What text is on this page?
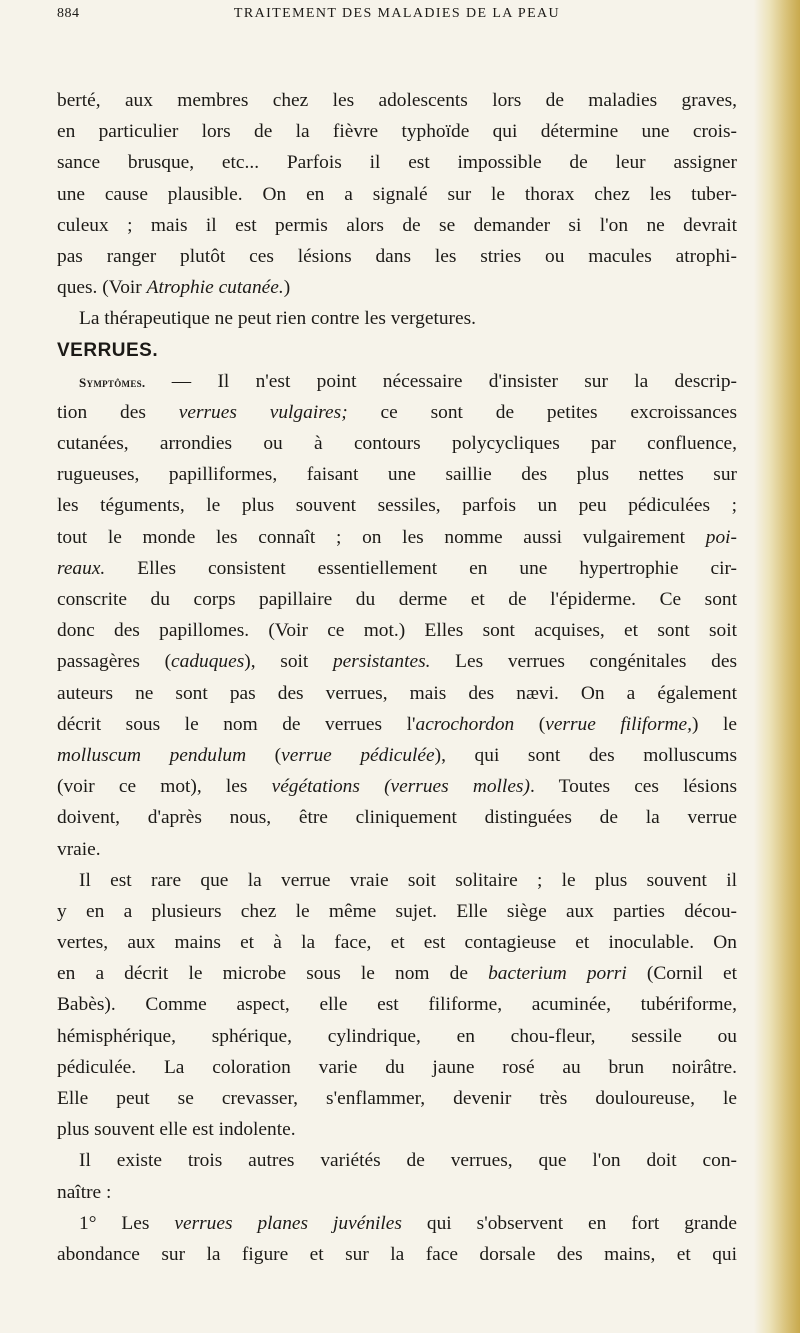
884	TRAITEMENT DES MALADIES DE LA PEAU
berté, aux membres chez les adolescents lors de maladies graves,
en particulier lors de la fièvre typhoïde qui détermine une crois-
sance brusque, etc... Parfois il est impossible de leur assigner
une cause plausible. On en a signalé sur le thorax chez les tuber-
culeux ; mais il est permis alors de se demander si l'on ne devrait
pas ranger plutôt ces lésions dans les stries ou macules atrophi-
ques. (Voir Atrophie cutanée.)
La thérapeutique ne peut rien contre les vergetures.
VERRUES.
Symptômes. — Il n'est point nécessaire d'insister sur la descrip-
tion des verrues vulgaires; ce sont de petites excroissances
cutanées, arrondies ou à contours polycycliques par confluence,
rugueuses, papilliformes, faisant une saillie des plus nettes sur
les téguments, le plus souvent sessiles, parfois un peu pédiculées ;
tout le monde les connaît ; on les nomme aussi vulgairement poi-
reaux. Elles consistent essentiellement en une hypertrophie cir-
conscrite du corps papillaire du derme et de l'épiderme. Ce sont
donc des papillomes. (Voir ce mot.) Elles sont acquises, et sont soit
passagères (caduques), soit persistantes. Les verrues congénitales des
auteurs ne sont pas des verrues, mais des nævi. On a également
décrit sous le nom de verrues l'acrochordon (verrue filiforme,) le
molluscum pendulum (verrue pédiculée), qui sont des molluscums
(voir ce mot), les végétations (verrues molles). Toutes ces lésions
doivent, d'après nous, être cliniquement distinguées de la verrue
vraie.
Il est rare que la verrue vraie soit solitaire ; le plus souvent il
y en a plusieurs chez le même sujet. Elle siège aux parties décou-
vertes, aux mains et à la face, et est contagieuse et inoculable. On
en a décrit le microbe sous le nom de bacterium porri (Cornil et
Babès). Comme aspect, elle est filiforme, acuminée, tubériforme,
hémisphérique, sphérique, cylindrique, en chou-fleur, sessile ou
pédiculée. La coloration varie du jaune rosé au brun noirâtre.
Elle peut se crevasser, s'enflammer, devenir très douloureuse, le
plus souvent elle est indolente.
Il existe trois autres variétés de verrues, que l'on doit con-
naître :
1° Les verrues planes juvéniles qui s'observent en fort grande
abondance sur la figure et sur la face dorsale des mains, et qui
